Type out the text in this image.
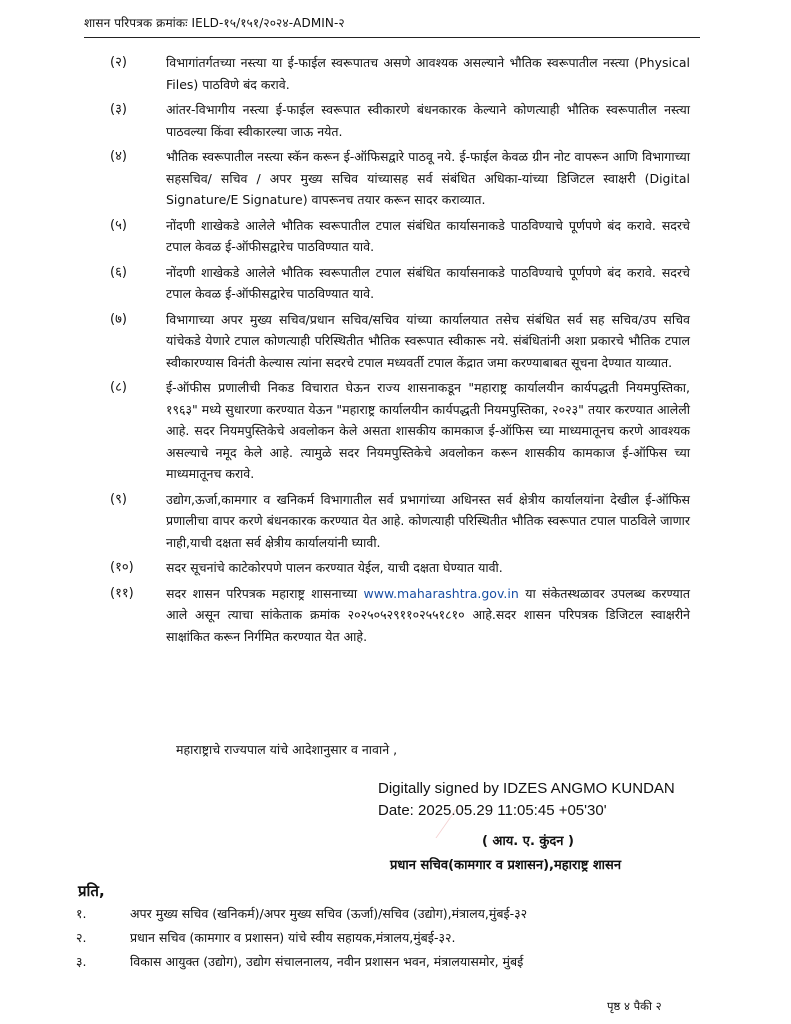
शासन परिपत्रक क्रमांकः IELD-१५/१५१/२०२४-ADMIN-२
(२)	विभागांतर्गतच्या नस्त्या या ई-फाईल स्वरूपातच असणे आवश्यक असल्याने भौतिक स्वरूपातील नस्त्या (Physical Files) पाठविणे बंद करावे.
(३)	आंतर-विभागीय नस्त्या ई-फाईल स्वरूपात स्वीकारणे बंधनकारक केल्याने कोणत्याही भौतिक स्वरूपातील नस्त्या पाठवल्या किंवा स्वीकारल्या जाऊ नयेत.
(४)	भौतिक स्वरूपातील नस्त्या स्कॅन करून ई-ऑफिसद्वारे पाठवू नये. ई-फाईल केवळ ग्रीन नोट वापरून आणि विभागाच्या सहसचिव/ सचिव / अपर मुख्य सचिव यांच्यासह सर्व संबंधित अधिका-यांच्या डिजिटल स्वाक्षरी (Digital Signature/E Signature) वापरूनच तयार करून सादर कराव्यात.
(५)	नोंदणी शाखेकडे आलेले भौतिक स्वरूपातील टपाल संबंधित कार्यासनाकडे पाठविण्याचे पूर्णपणे बंद करावे. सदरचे टपाल केवळ ई-ऑफीसद्वारेच पाठविण्यात यावे.
(६)	नोंदणी शाखेकडे आलेले भौतिक स्वरूपातील टपाल संबंधित कार्यासनाकडे पाठविण्याचे पूर्णपणे बंद करावे. सदरचे टपाल केवळ ई-ऑफीसद्वारेच पाठविण्यात यावे.
(७)	विभागाच्या अपर मुख्य सचिव/प्रधान सचिव/सचिव यांच्या कार्यालयात तसेच संबंधित सर्व सह सचिव/उप सचिव यांचेकडे येणारे टपाल कोणत्याही परिस्थितीत भौतिक स्वरूपात स्वीकारू नये. संबंधितांनी अशा प्रकारचे भौतिक टपाल स्वीकारण्यास विनंती केल्यास त्यांना सदरचे टपाल मध्यवर्ती टपाल केंद्रात जमा करण्याबाबत सूचना देण्यात याव्यात.
(८)	ई-ऑफीस प्रणालीची निकड विचारात घेऊन राज्य शासनाकडून "महाराष्ट्र कार्यालयीन कार्यपद्धती नियमपुस्तिका, १९६३" मध्ये सुधारणा करण्यात येऊन "महाराष्ट्र कार्यालयीन कार्यपद्धती नियमपुस्तिका, २०२३" तयार करण्यात आलेली आहे. सदर नियमपुस्तिकेचे अवलोकन केले असता शासकीय कामकाज ई-ऑफिस च्या माध्यमातूनच करणे आवश्यक असल्याचे नमूद केले आहे. त्यामुळे सदर नियमपुस्तिकेचे अवलोकन करून शासकीय कामकाज ई-ऑफिस च्या माध्यमातूनच करावे.
(९)	उद्योग,ऊर्जा,कामगार व खनिकर्म विभागातील सर्व प्रभागांच्या अधिनस्त सर्व क्षेत्रीय कार्यालयांना देखील ई-ऑफिस प्रणालीचा वापर करणे बंधनकारक करण्यात येत आहे. कोणत्याही परिस्थितीत भौतिक स्वरूपात टपाल पाठविले जाणार नाही,याची दक्षता सर्व क्षेत्रीय कार्यालयांनी घ्यावी.
(१०)	सदर सूचनांचे काटेकोरपणे पालन करण्यात येईल, याची दक्षता घेण्यात यावी.
(११)	सदर शासन परिपत्रक महाराष्ट्र शासनाच्या www.maharashtra.gov.in या संकेतस्थळावर उपलब्ध करण्यात आले असून त्याचा सांकेताक क्रमांक २०२५०५२९११०२५५१८१० आहे.सदर शासन परिपत्रक डिजिटल स्वाक्षरीने साक्षांकित करून निर्गमित करण्यात येत आहे.
महाराष्ट्राचे राज्यपाल यांचे आदेशानुसार व नावाने ,
Digitally signed by IDZES ANGMO KUNDAN
Date: 2025.05.29 11:05:45 +05'30'
( आय. ए. कुंदन )
प्रधान सचिव(कामगार व प्रशासन),महाराष्ट्र शासन
प्रति,
१.	अपर मुख्य सचिव (खनिकर्म)/अपर मुख्य सचिव (ऊर्जा)/सचिव (उद्योग),मंत्रालय,मुंबई-३२
२.	प्रधान सचिव (कामगार व प्रशासन) यांचे स्वीय सहायक,मंत्रालय,मुंबई-३२.
३.	विकास आयुक्त (उद्योग), उद्योग संचालनालय, नवीन प्रशासन भवन, मंत्रालयासमोर, मुंबई
पृष्ठ ४ पैकी २
